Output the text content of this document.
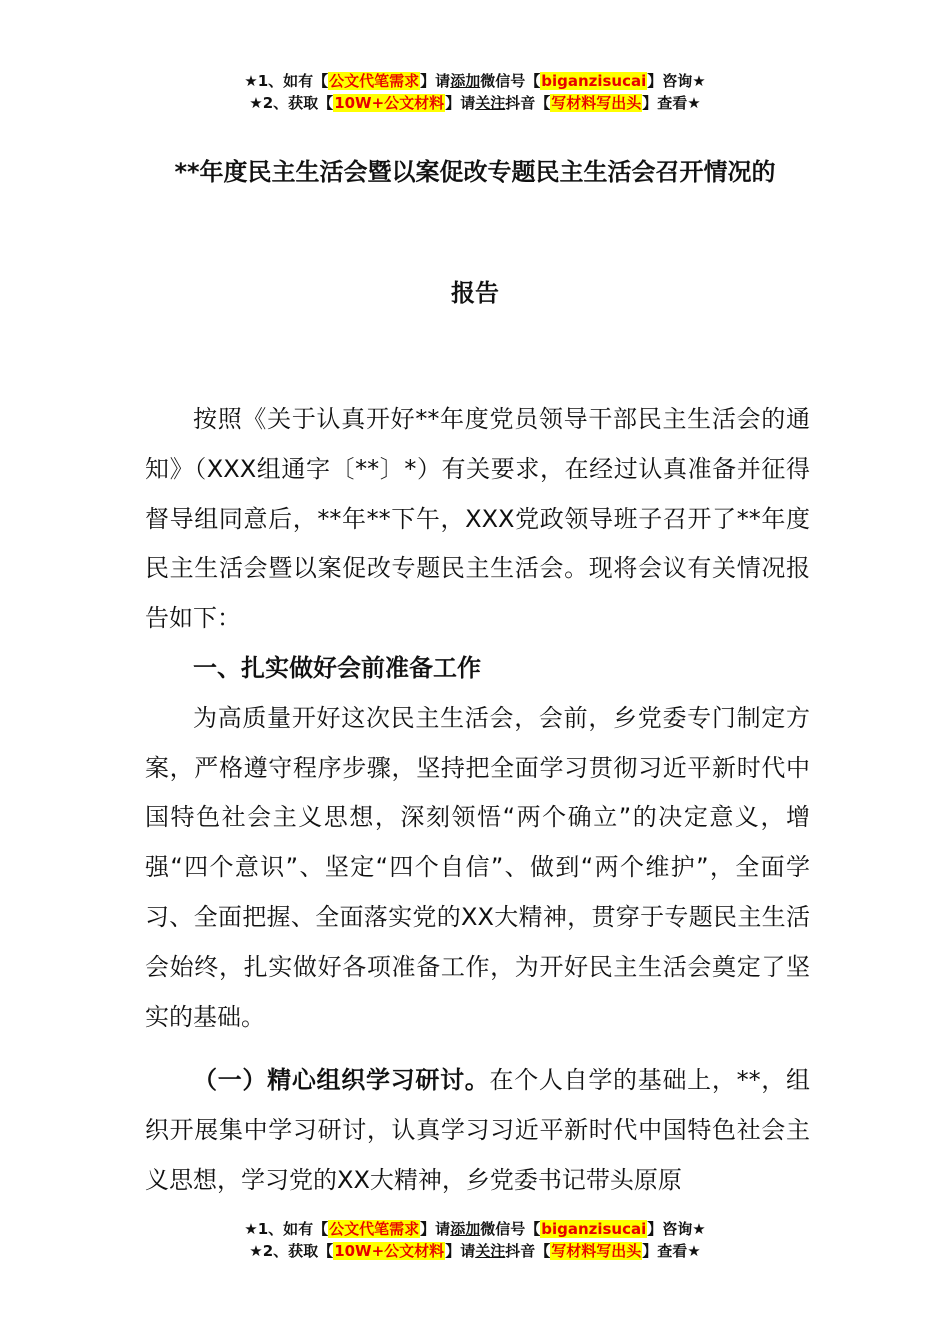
★1、如有【公文代笔需求】请添加微信号【biganzisucai】咨询★
★2、获取【10W+公文材料】请关注抖音【写材料写出头】查看★
**年度民主生活会暨以案促改专题民主生活会召开情况的
报告

按照《关于认真开好**年度党员领导干部民主生活会的通知》（XXX组通字〔**〕*）有关要求，在经过认真准备并征得督导组同意后，**年**下午，XXX党政领导班子召开了**年度民主生活会暨以案促改专题民主生活会。现将会议有关情况报告如下：

一、扎实做好会前准备工作

为高质量开好这次民主生活会，会前，乡党委专门制定方案，严格遵守程序步骤，坚持把全面学习贯彻习近平新时代中国特色社会主义思想，深刻领悟“两个确立”的决定意义，增强“四个意识”、坚定“四个自信”、做到“两个维护”，全面学习、全面把握、全面落实党的XX大精神，贯穿于专题民主生活会始终，扎实做好各项准备工作，为开好民主生活会奠定了坚实的基础。

（一）精心组织学习研讨。在个人自学的基础上，**，组织开展集中学习研讨，认真学习习近平新时代中国特色社会主义思想，学习党的XX大精神，乡党委书记带头原原

★1、如有【公文代笔需求】请添加微信号【biganzisucai】咨询★
★2、获取【10W+公文材料】请关注抖音【写材料写出头】查看★
